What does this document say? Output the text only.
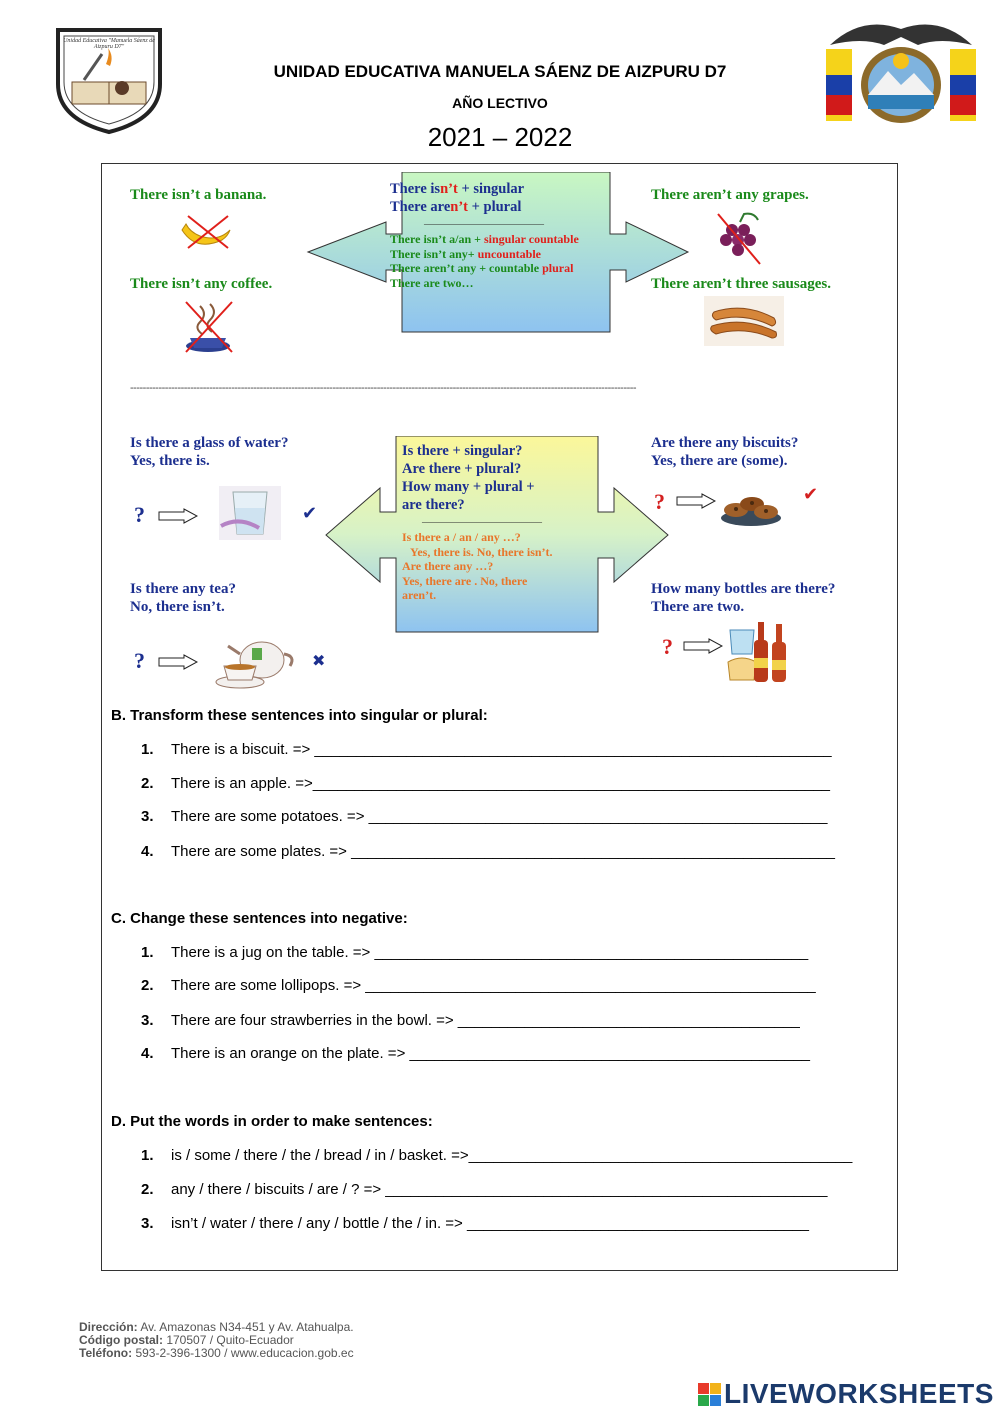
Unidad Educativa "Manuela Sáenz de Aizpuru D7"
UNIDAD EDUCATIVA MANUELA SÁENZ DE AIZPURU D7
AÑO LECTIVO
2021 – 2022
There isn’t + singular
There aren’t + plural
________________________
There isn’t a/an + singular countable
There isn’t any+ uncountable
There aren’t any + countable plural
There are two…
There isn’t a banana.
There isn’t any coffee.
There aren’t any grapes.
There aren’t three sausages.
----------------------------------------------------------------------------------------------------------------------------------------------------------------
Is there + singular?
Are there + plural?
How many + plural +
are there?
________________________
Is there a / an / any …?
Yes, there is. No, there isn’t.
Are there any …?
Yes, there are . No, there
aren’t.
Is there a glass of water?
Yes, there is.
?	✔
Is there any tea?
No, there isn’t.
?	✖
Are there any biscuits?
Yes, there are (some).
?	✔
How many bottles are there?
There are two.
?
B. Transform these sentences into singular or plural:
1. There is a biscuit. => ______________________________________________________________
2. There is an apple. =>______________________________________________________________
3. There are some potatoes. => _______________________________________________________
4. There are some plates. => __________________________________________________________
C. Change these sentences into negative:
1. There is a jug on the table. => ____________________________________________________
2. There are some lollipops. => ______________________________________________________
3. There are four strawberries in the bowl. => _________________________________________
4. There is an orange on the plate. => ________________________________________________
D. Put the words in order to make sentences:
1. is / some / there / the / bread / in / basket. =>______________________________________________
2. any / there / biscuits / are / ? => _____________________________________________________
3. isn’t / water / there / any / bottle / the / in. => _________________________________________
Dirección: Av. Amazonas N34-451 y Av. Atahualpa.
Código postal: 170507 / Quito-Ecuador
Teléfono: 593-2-396-1300 / www.educacion.gob.ec
LIVEWORKSHEETS
